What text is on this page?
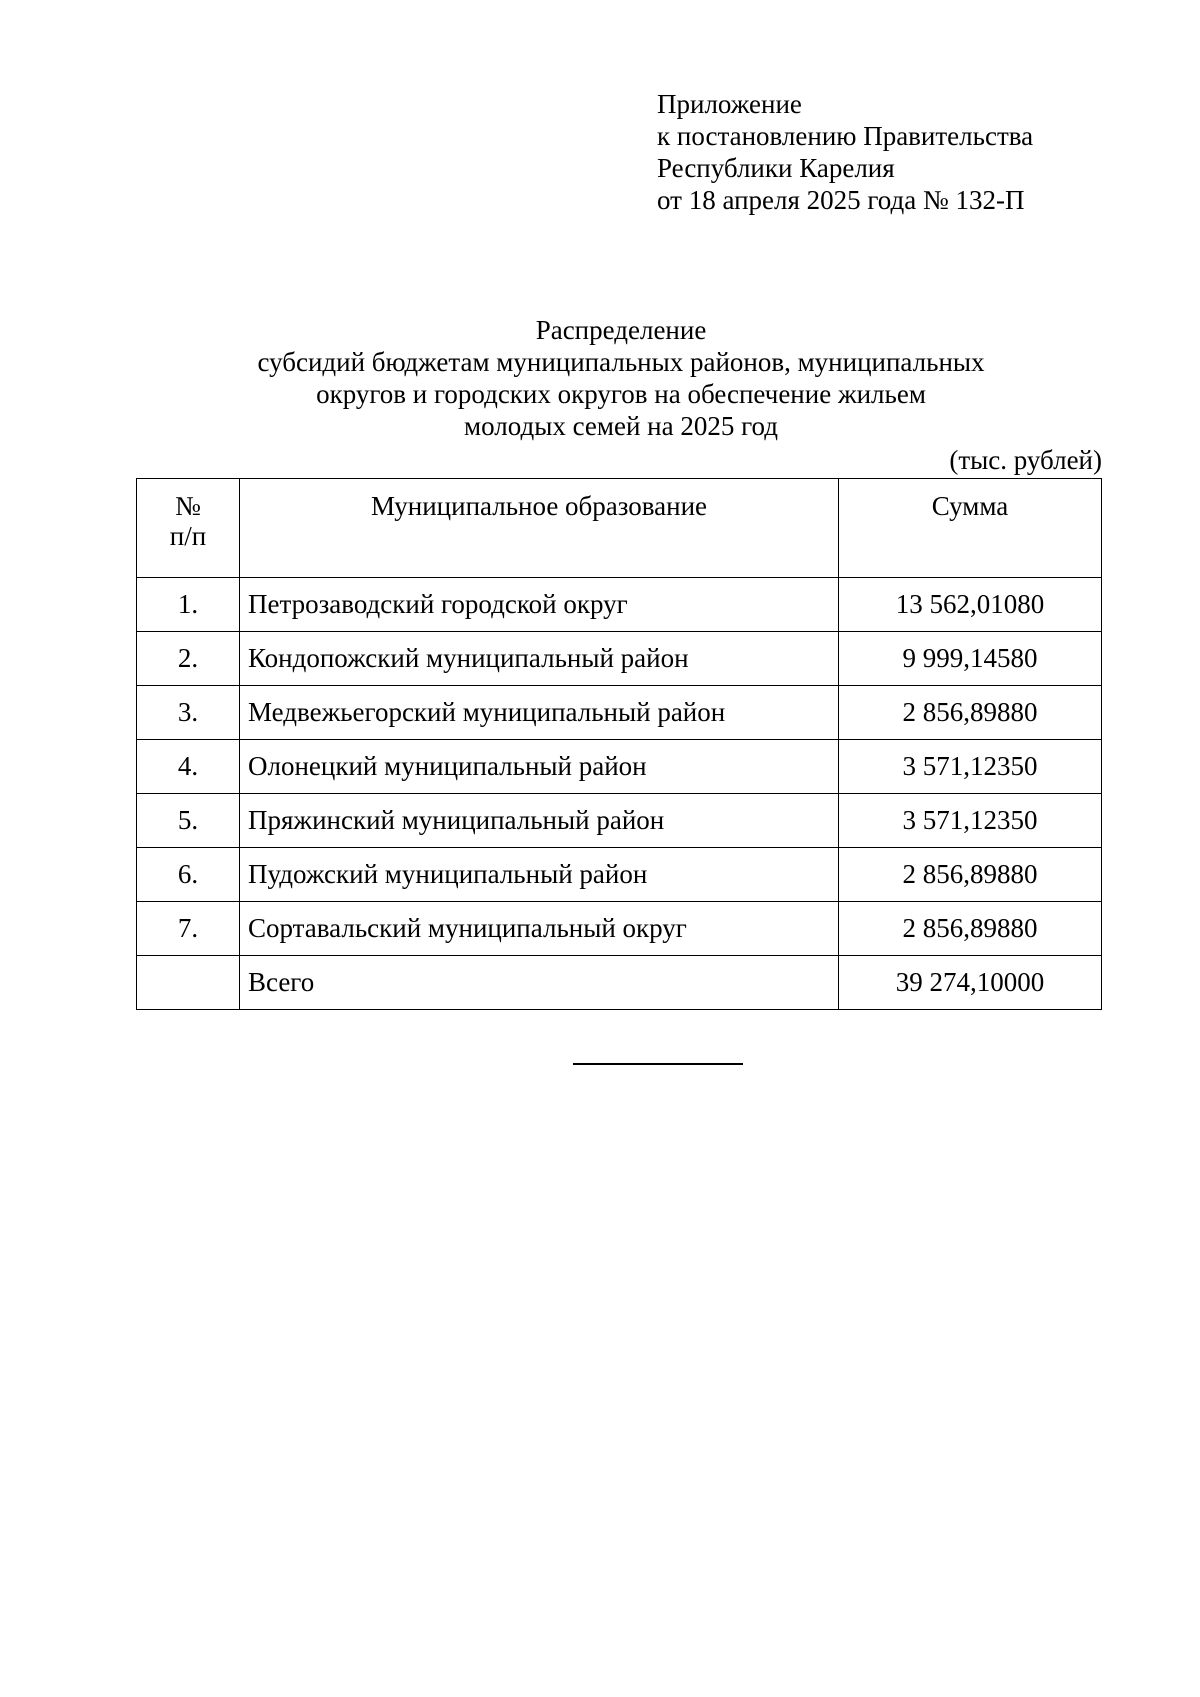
Приложение
к постановлению Правительства
Республики Карелия
от 18 апреля 2025 года № 132-П
Распределение
субсидий бюджетам муниципальных районов, муниципальных
округов и городских округов на обеспечение жильем
молодых семей на 2025 год
(тыс. рублей)
№
п/п	Муниципальное образование	Сумма
1.	Петрозаводский городской округ	13 562,01080
2.	Кондопожский муниципальный район	9 999,14580
3.	Медвежьегорский муниципальный район	2 856,89880
4.	Олонецкий муниципальный район	3 571,12350
5.	Пряжинский муниципальный район	3 571,12350
6.	Пудожский муниципальный район	2 856,89880
7.	Сортавальский муниципальный округ	2 856,89880
	Всего	39 274,10000
